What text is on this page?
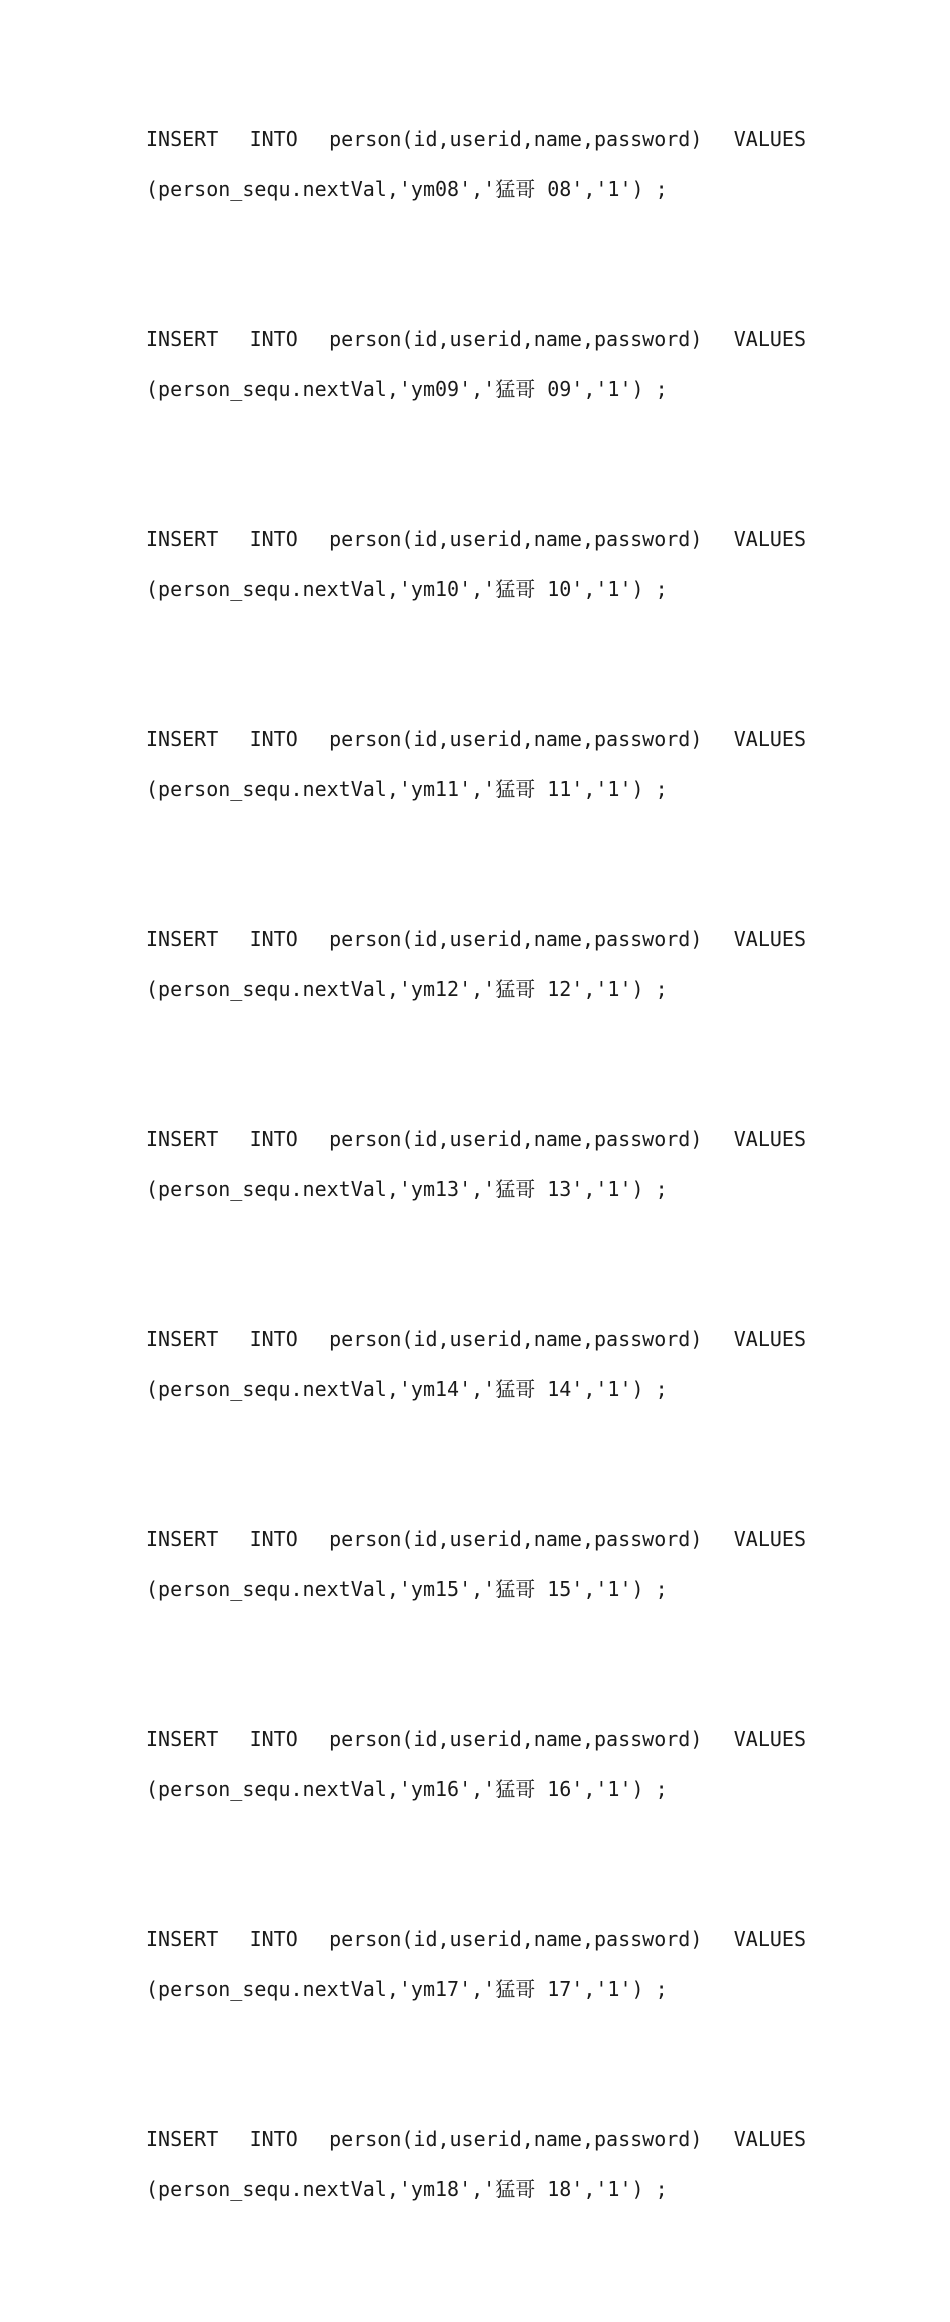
INSERT INTO person(id,userid,name,password) VALUES
(person_sequ.nextVal,'ym08','猛哥 08','1') ;
INSERT INTO person(id,userid,name,password) VALUES
(person_sequ.nextVal,'ym09','猛哥 09','1') ;
INSERT INTO person(id,userid,name,password) VALUES
(person_sequ.nextVal,'ym10','猛哥 10','1') ;
INSERT INTO person(id,userid,name,password) VALUES
(person_sequ.nextVal,'ym11','猛哥 11','1') ;
INSERT INTO person(id,userid,name,password) VALUES
(person_sequ.nextVal,'ym12','猛哥 12','1') ;
INSERT INTO person(id,userid,name,password) VALUES
(person_sequ.nextVal,'ym13','猛哥 13','1') ;
INSERT INTO person(id,userid,name,password) VALUES
(person_sequ.nextVal,'ym14','猛哥 14','1') ;
INSERT INTO person(id,userid,name,password) VALUES
(person_sequ.nextVal,'ym15','猛哥 15','1') ;
INSERT INTO person(id,userid,name,password) VALUES
(person_sequ.nextVal,'ym16','猛哥 16','1') ;
INSERT INTO person(id,userid,name,password) VALUES
(person_sequ.nextVal,'ym17','猛哥 17','1') ;
INSERT INTO person(id,userid,name,password) VALUES
(person_sequ.nextVal,'ym18','猛哥 18','1') ;
